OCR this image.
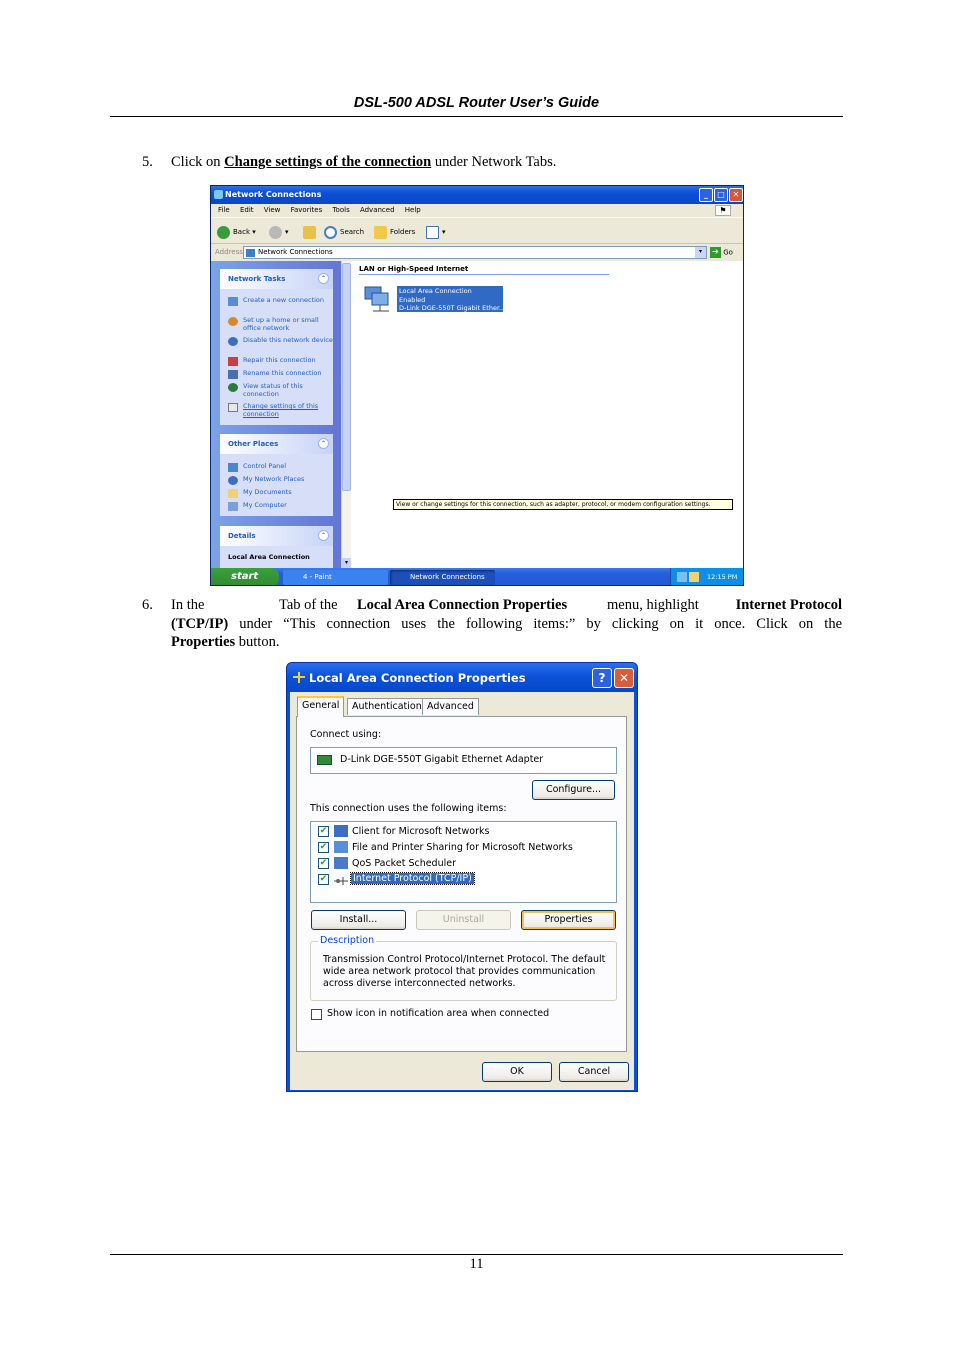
DSL-500 ADSL Router User’s Guide
5. Click on Change settings of the connection under Network Tabs.
Network Connections	_	□ ✕
File Edit View Favorites Tools Advanced Help	⚑
Back ▾	▾	Search	Folders	▾
Address	Network Connections	▾	➔ Go
Network Tasks	⌃
Create a new connection
Set up a home or small office network
Disable this network device
Repair this connection
Rename this connection
View status of this connection
Change settings of this connection
Other Places	⌃
Control Panel
My Network Places
My Documents
My Computer
Details	⌃
Local Area Connection
▾
LAN or High-Speed Internet
Local Area Connection
Enabled
D-Link DGE-550T Gigabit Ether...
View or change settings for this connection, such as adapter, protocol, or modem configuration settings.
start	4 - Paint	Network Connections	12:15 PM
6. In the	Tab of the Local Area Connection Properties	menu, highlight	Internet Protocol
(TCP/IP) under “This connection uses the following items:” by clicking on it once. Click on the
Properties button.
Local Area Connection Properties	?	✕
General	Authentication Advanced
Connect using:
D-Link DGE-550T Gigabit Ethernet Adapter
Configure...
This connection uses the following items:
✔	Client for Microsoft Networks
✔	File and Printer Sharing for Microsoft Networks
✔	QoS Packet Scheduler
✔	Internet Protocol (TCP/IP)
Install...	Uninstall	Properties
Description
Transmission Control Protocol/Internet Protocol. The default
wide area network protocol that provides communication
across diverse interconnected networks.
Show icon in notification area when connected
OK	Cancel
11
